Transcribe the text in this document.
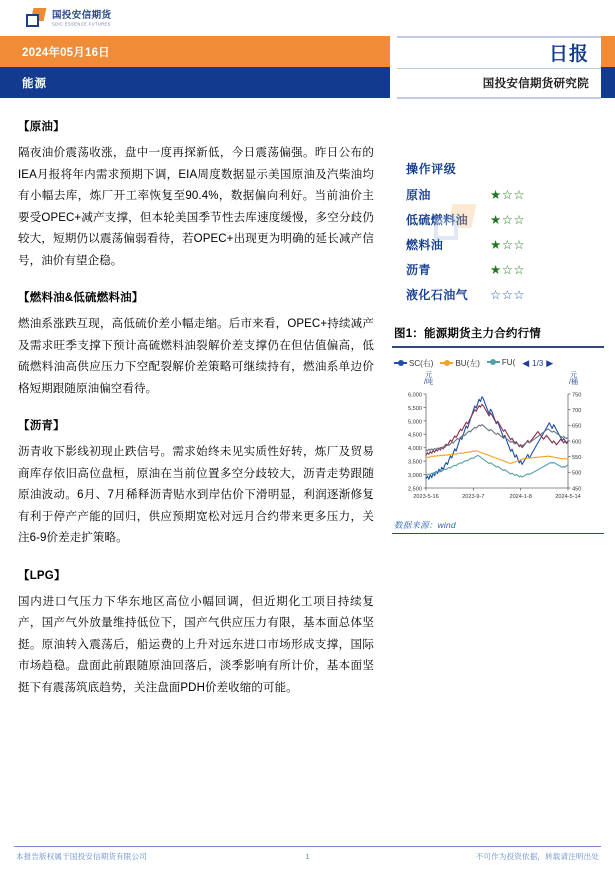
国投安信期货
SDIC ESSENCE FUTURES
2024年05月16日
能源
日报
国投安信期货研究院
【原油】
隔夜油价震荡收涨，盘中一度再探新低，今日震荡偏强。昨日公布的IEA月报将年内需求预期下调，EIA周度数据显示美国原油及汽柴油均有小幅去库，炼厂开工率恢复至90.4%，数据偏向利好。当前油价主要受OPEC+减产支撑，但本轮美国季节性去库速度缓慢，多空分歧仍较大，短期仍以震荡偏弱看待，若OPEC+出现更为明确的延长减产信号，油价有望企稳。
【燃料油&低硫燃料油】
燃油系涨跌互现，高低硫价差小幅走缩。后市来看，OPEC+持续减产及需求旺季支撑下预计高硫燃料油裂解价差支撑仍在但估值偏高，低硫燃料油高供应压力下空配裂解价差策略可继续持有，燃油系单边价格短期跟随原油偏空看待。
【沥青】
沥青收下影线初现止跌信号。需求始终未见实质性好转，炼厂及贸易商库存依旧高位盘桓，原油在当前位置多空分歧较大，沥青走势跟随原油波动。6月、7月稀释沥青贴水到岸估价下滑明显，利润逐渐修复有利于停产产能的回归，供应预期宽松对远月合约带来更多压力，关注6-9价差走扩策略。
【LPG】
国内进口气压力下华东地区高位小幅回调，但近期化工项目持续复产，国产气外放量维持低位下，国产气供应压力有限，基本面总体坚挺。原油转入震荡后，船运费的上升对远东进口市场形成支撑，国际市场趋稳。盘面此前跟随原油回落后，淡季影响有所计价，基本面坚挺下有震荡筑底趋势，关注盘面PDH价差收缩的可能。
操作评级
原油	★☆☆
低硫燃料油	★☆☆
燃料油	★☆☆
沥青	★☆☆
液化石油气	☆☆☆
图1：能源期货主力合约行情
SC(右)	BU(左)	FU( ◀ 1/3 ▶
元
/吨
元
/桶
2,500
3,000
3,500
4,000
4,500
5,000
5,500
6,000
450
500
550
600
650
700
750
2023-5-16	2023-9-7	2024-1-8	2024-5-14
数据来源：wind
本报告版权属于国投安信期货有限公司	1	不可作为投资依据，转载请注明出处
